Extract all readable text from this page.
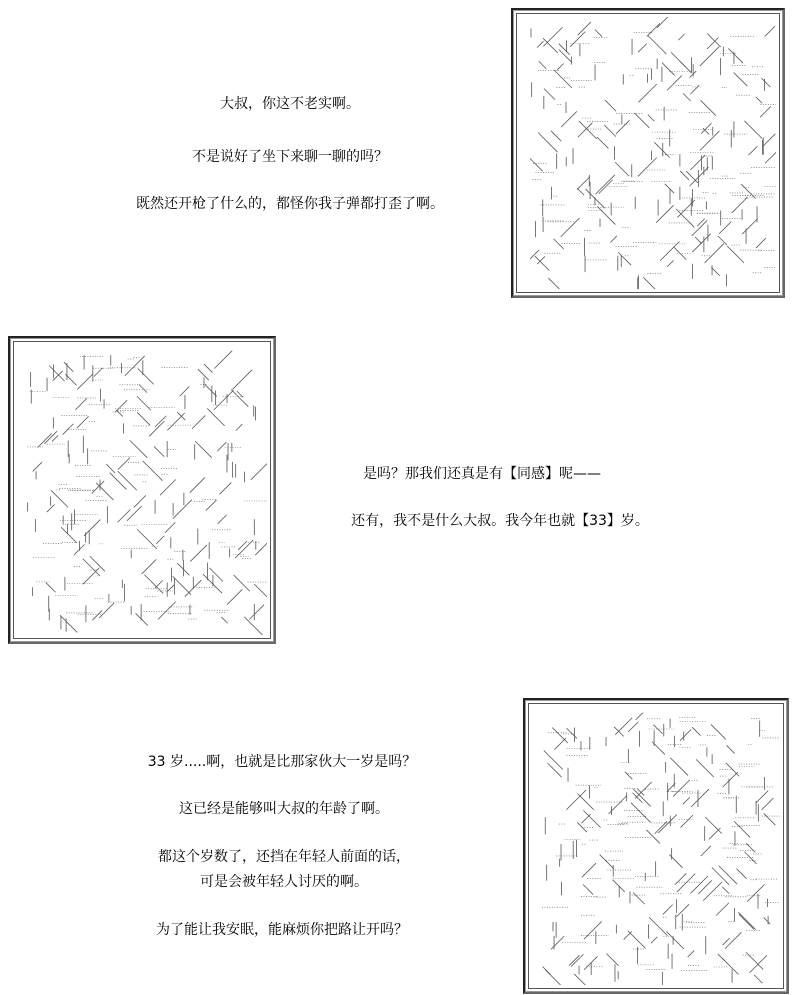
大叔，你这不老实啊。
不是说好了坐下来聊一聊的吗？
既然还开枪了什么的，都怪你我子弹都打歪了啊。
是吗？那我们还真是有【同感】呢——
还有，我不是什么大叔。我今年也就【33】岁。
33 岁.....啊，也就是比那家伙大一岁是吗？
这已经是能够叫大叔的年龄了啊。
都这个岁数了，还挡在年轻人前面的话，
可是会被年轻人讨厌的啊。
为了能让我安眠，能麻烦你把路让开吗？
